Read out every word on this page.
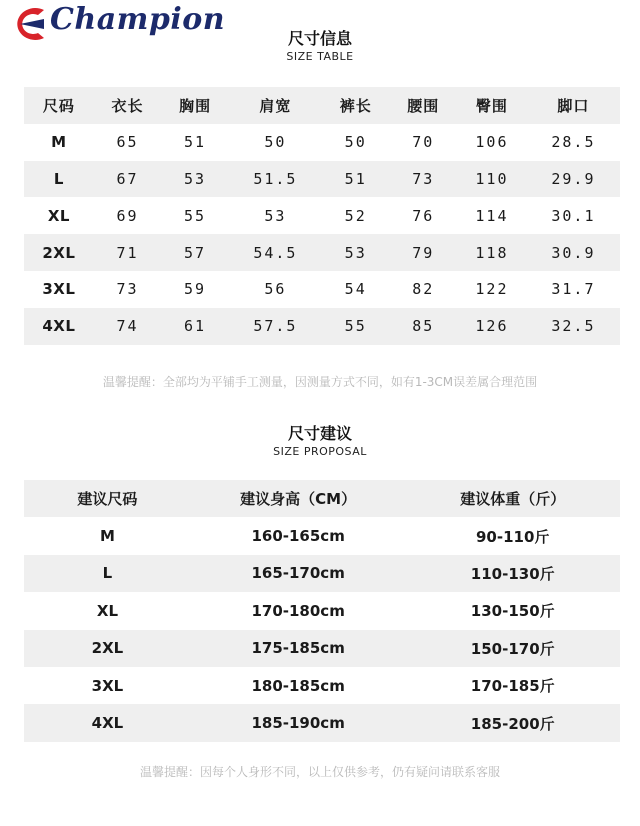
Champion
尺寸信息
SIZE TABLE
尺码	衣长	胸围	肩宽	裤长	腰围	臀围	脚口
M	65	51	50	50	70	106	28.5
L	67	53	51.5	51	73	110	29.9
XL	69	55	53	52	76	114	30.1
2XL	71	57	54.5	53	79	118	30.9
3XL	73	59	56	54	82	122	31.7
4XL	74	61	57.5	55	85	126	32.5
温馨提醒：全部均为平铺手工测量，因测量方式不同，如有1-3CM误差属合理范围
尺寸建议
SIZE PROPOSAL
建议尺码	建议身高（CM）	建议体重（斤）
M	160-165cm	90-110斤
L	165-170cm	110-130斤
XL	170-180cm	130-150斤
2XL	175-185cm	150-170斤
3XL	180-185cm	170-185斤
4XL	185-190cm	185-200斤
温馨提醒：因每个人身形不同，以上仅供参考，仍有疑问请联系客服
